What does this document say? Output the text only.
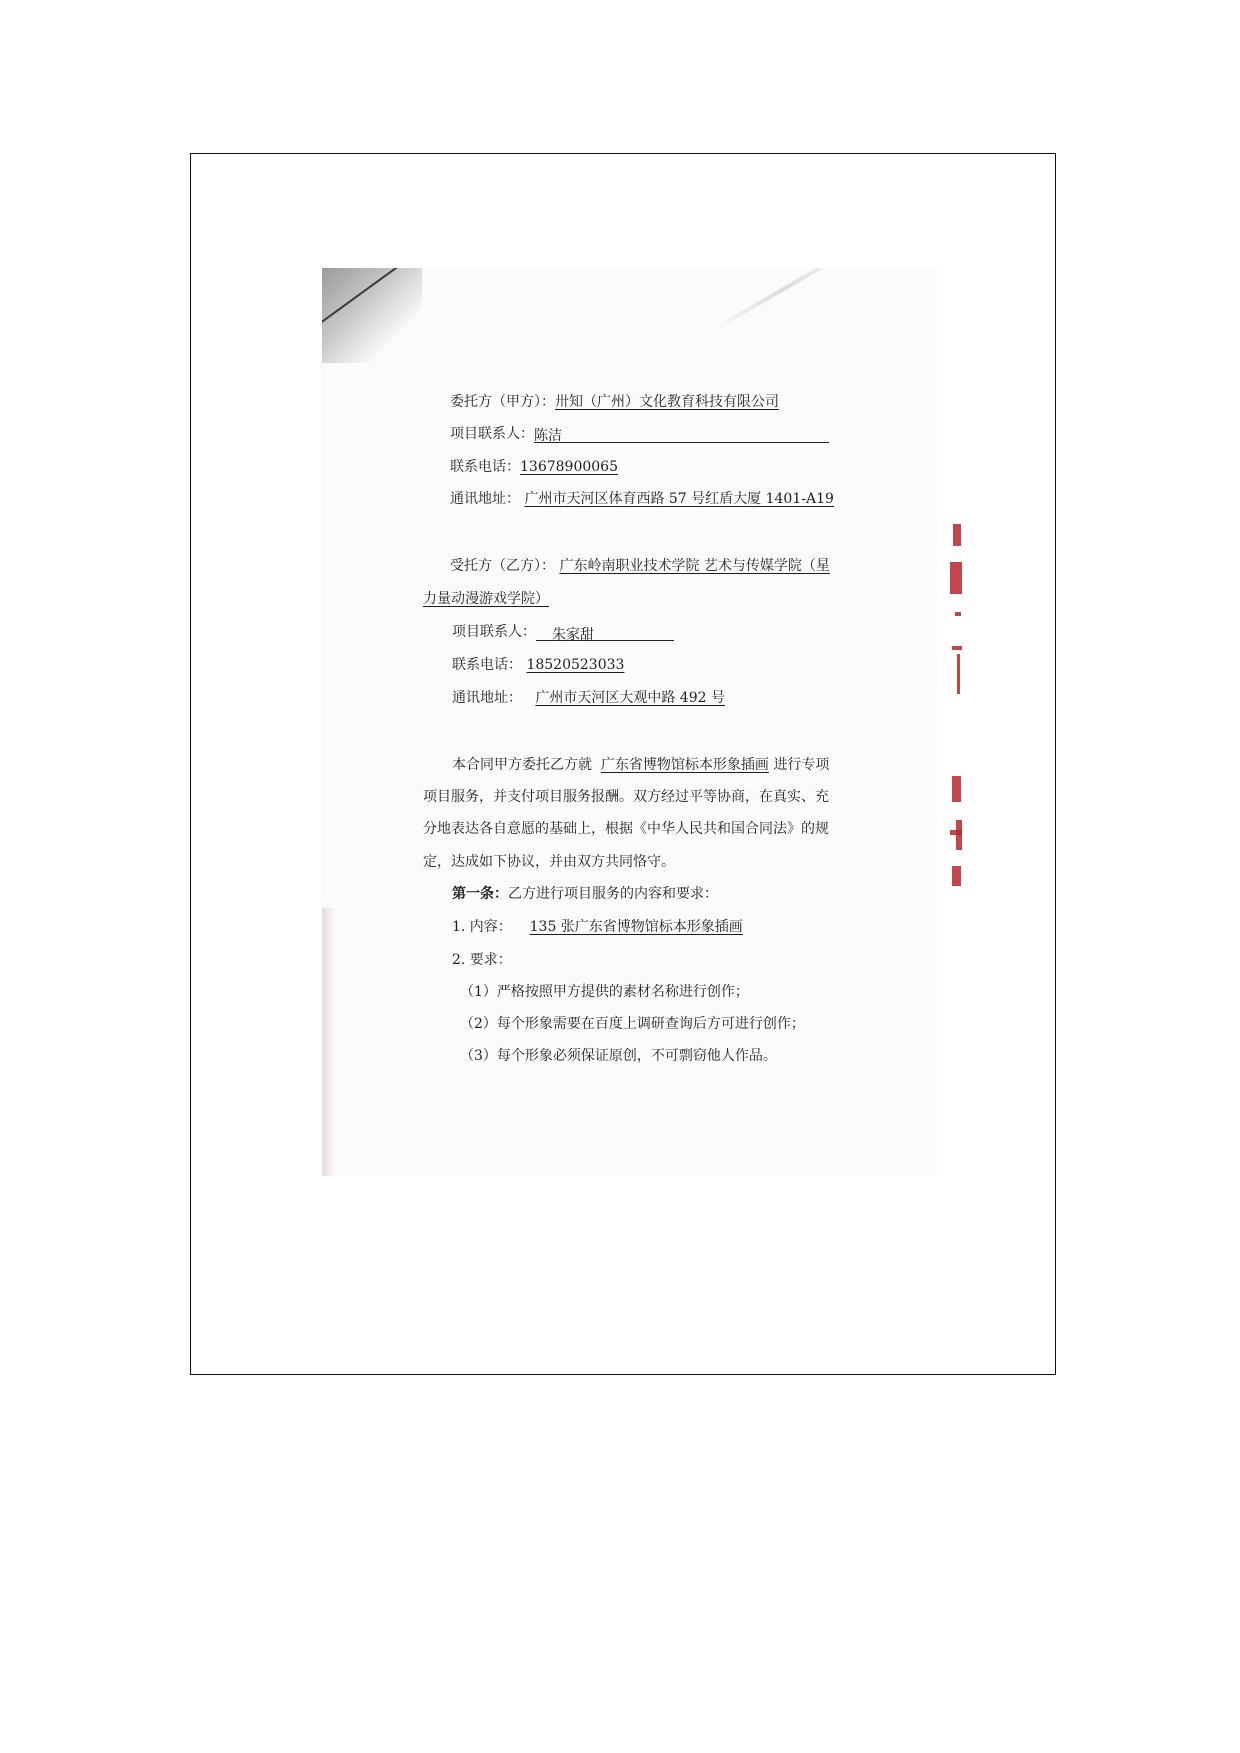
委托方（甲方）：卅知（广州）文化教育科技有限公司
项目联系人：陈洁
联系电话：13678900065
通讯地址： 广州市天河区体育西路 57 号红盾大厦 1401-A19
受托方（乙方）： 广东岭南职业技术学院 艺术与传媒学院（星
力量动漫游戏学院）
项目联系人： 朱家甜
联系电话： 18520523033
通讯地址： 广州市天河区大观中路 492 号
本合同甲方委托乙方就 广东省博物馆标本形象插画 进行专项
项目服务，并支付项目服务报酬。双方经过平等协商，在真实、充
分地表达各自意愿的基础上，根据《中华人民共和国合同法》的规
定，达成如下协议，并由双方共同恪守。
第一条：乙方进行项目服务的内容和要求：
1. 内容： 135 张广东省博物馆标本形象插画
2. 要求：
（1）严格按照甲方提供的素材名称进行创作；
（2）每个形象需要在百度上调研查询后方可进行创作；
（3）每个形象必须保证原创，不可剽窃他人作品。
